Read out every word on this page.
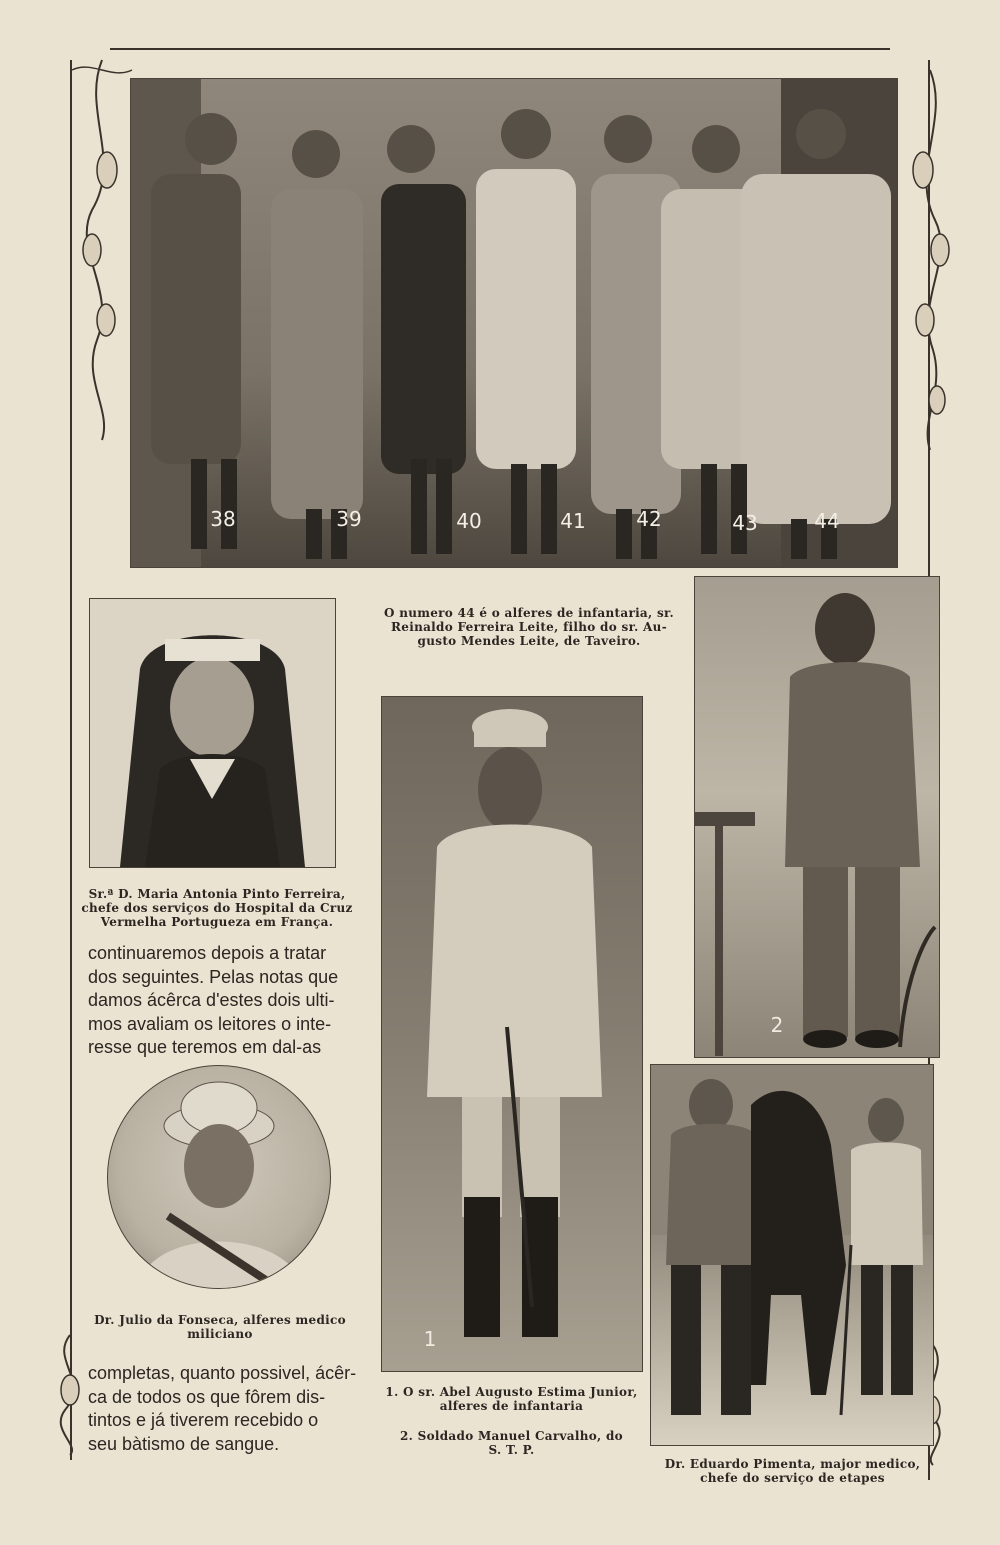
38	39	40	41	42	43	44
O numero 44 é o alferes de infantaria, sr.
Reinaldo Ferreira Leite, filho do sr. Au-
gusto Mendes Leite, de Taveiro.
Sr.ª D. Maria Antonia Pinto Ferreira,
chefe dos serviços do Hospital da Cruz
Vermelha Portugueza em França.
continuaremos depois a tratar
dos seguintes. Pelas notas que
damos ácêrca d'estes dois ulti-
mos avaliam os leitores o inte-
resse que teremos em dal-as
Dr. Julio da Fonseca, alferes medico
miliciano
completas, quanto possivel, ácêr-
ca de todos os que fôrem dis-
tintos e já tiverem recebido o
seu bàtismo de sangue.
1
1. O sr. Abel Augusto Estima Junior,
alferes de infantaria
2. Soldado Manuel Carvalho, do
S. T. P.
2
Dr. Eduardo Pimenta, major medico,
chefe do serviço de etapes
